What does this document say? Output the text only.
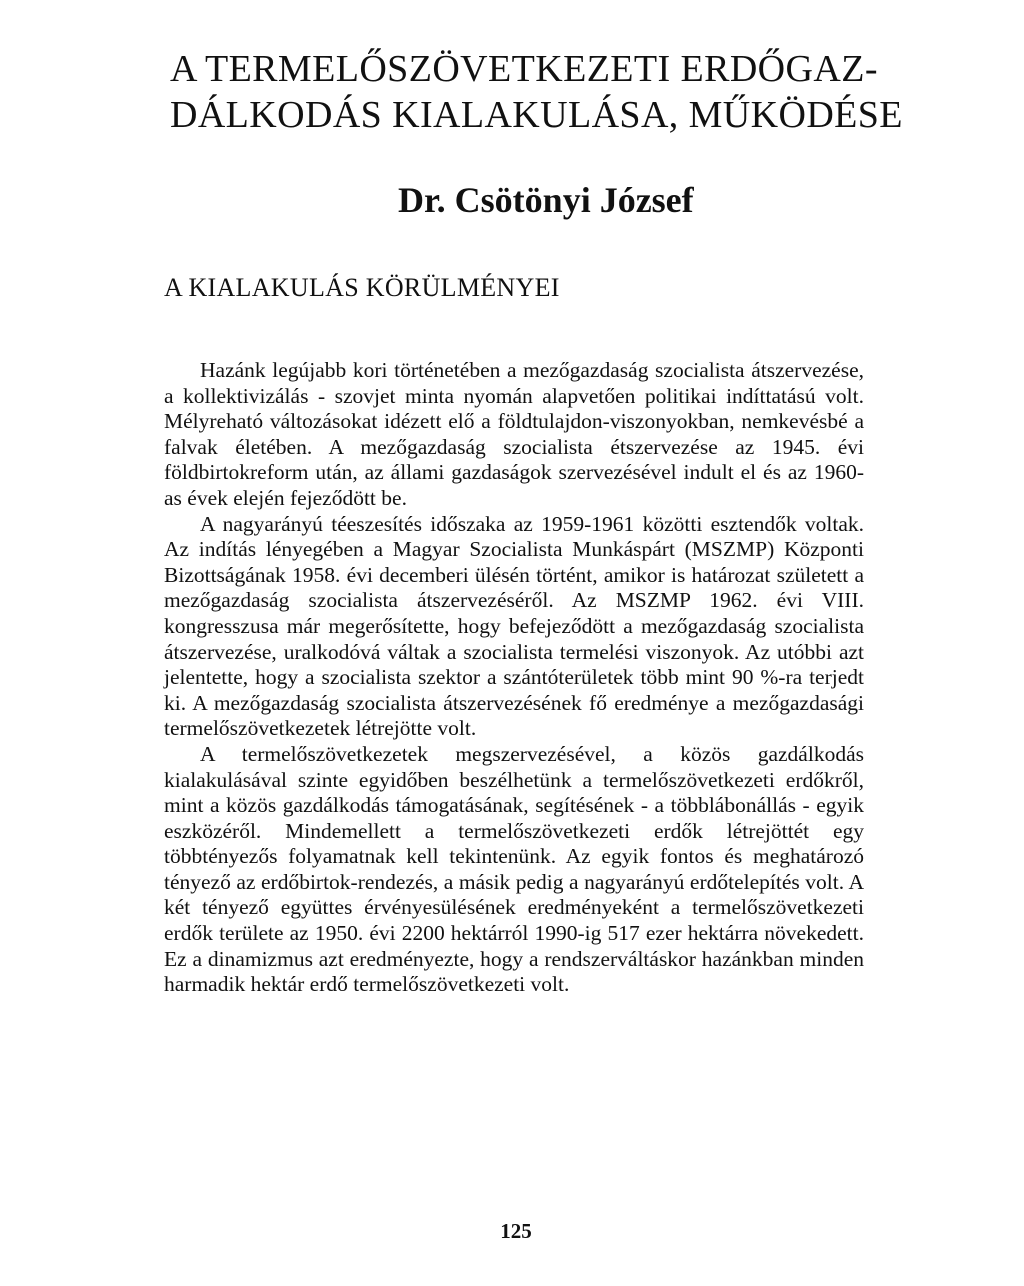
A TERMELŐSZÖVETKEZETI ERDŐGAZ-
DÁLKODÁS KIALAKULÁSA, MŰKÖDÉSE
Dr. Csötönyi József
A KIALAKULÁS KÖRÜLMÉNYEI

Hazánk legújabb kori történetében a mezőgazdaság szocialista átszervezése, a kollektivizálás - szovjet minta nyomán alapvetően politikai indíttatású volt. Mélyreható változásokat idézett elő a földtulajdon-viszonyokban, nemkevésbé a falvak életében. A mezőgazdaság szocialista étszervezése az 1945. évi földbirtokreform után, az állami gazdaságok szervezésével indult el és az 1960-as évek elején fejeződött be.

A nagyarányú téeszesítés időszaka az 1959-1961 közötti esztendők voltak. Az indítás lényegében a Magyar Szocialista Munkáspárt (MSZMP) Központi Bizottságának 1958. évi decemberi ülésén történt, amikor is határozat született a mezőgazdaság szocialista átszervezéséről. Az MSZMP 1962. évi VIII. kongresszusa már megerősítette, hogy befejeződött a mezőgazdaság szocialista átszervezése, uralkodóvá váltak a szocialista termelési viszonyok. Az utóbbi azt jelentette, hogy a szocialista szektor a szántóterületek több mint 90 %-ra terjedt ki. A mezőgazdaság szocialista átszervezésének fő eredménye a mezőgazdasági termelőszövetkezetek létrejötte volt.

A termelőszövetkezetek megszervezésével, a közös gazdálkodás kialakulásával szinte egyidőben beszélhetünk a termelőszövetkezeti erdőkről, mint a közös gazdálkodás támogatásának, segítésének - a többlábonállás - egyik eszközéről. Mindemellett a termelőszövetkezeti erdők létrejöttét egy többtényezős folyamatnak kell tekintenünk. Az egyik fontos és meghatározó tényező az erdőbirtok-rendezés, a másik pedig a nagyarányú erdőtelepítés volt. A két tényező együttes érvényesülésének eredményeként a termelőszövetkezeti erdők területe az 1950. évi 2200 hektárról 1990-ig 517 ezer hektárra növekedett. Ez a dinamizmus azt eredményezte, hogy a rendszerváltáskor hazánkban minden harmadik hektár erdő termelőszövetkezeti volt.

125
